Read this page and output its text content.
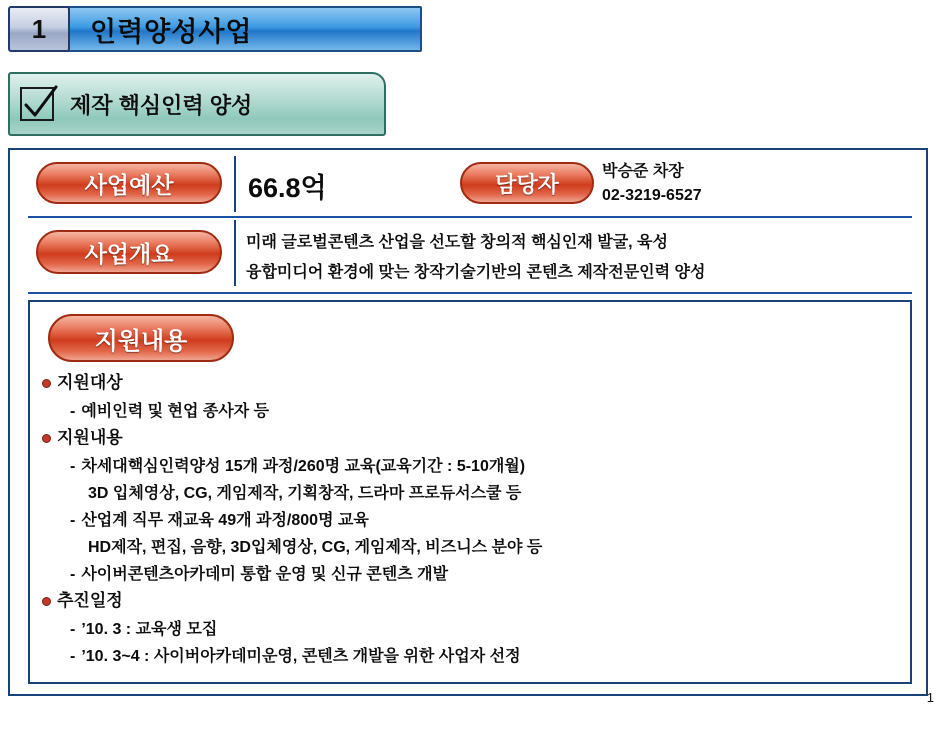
1 인력양성사업
제작 핵심인력 양성
사업예산	66.8억	담당자	박승준 차장
02-3219-6527
사업개요	미래 글로벌콘텐츠 산업을 선도할 창의적 핵심인재 발굴, 육성
융합미디어 환경에 맞는 창작기술기반의 콘텐츠 제작전문인력 양성
지원내용
지원대상
- 예비인력 및 현업 종사자 등
지원내용
- 차세대핵심인력양성 15개 과정/260명 교육(교육기간 : 5-10개월)
3D 입체영상, CG, 게임제작, 기획창작, 드라마 프로듀서스쿨 등
- 산업계 직무 재교육 49개 과정/800명 교육
HD제작, 편집, 음향, 3D입체영상, CG, 게임제작, 비즈니스 분야 등
- 사이버콘텐츠아카데미 통합 운영 및 신규 콘텐츠 개발
추진일정
- ’10. 3 : 교육생 모집
- ’10. 3~4 : 사이버아카데미운영, 콘텐츠 개발을 위한 사업자 선정
1
